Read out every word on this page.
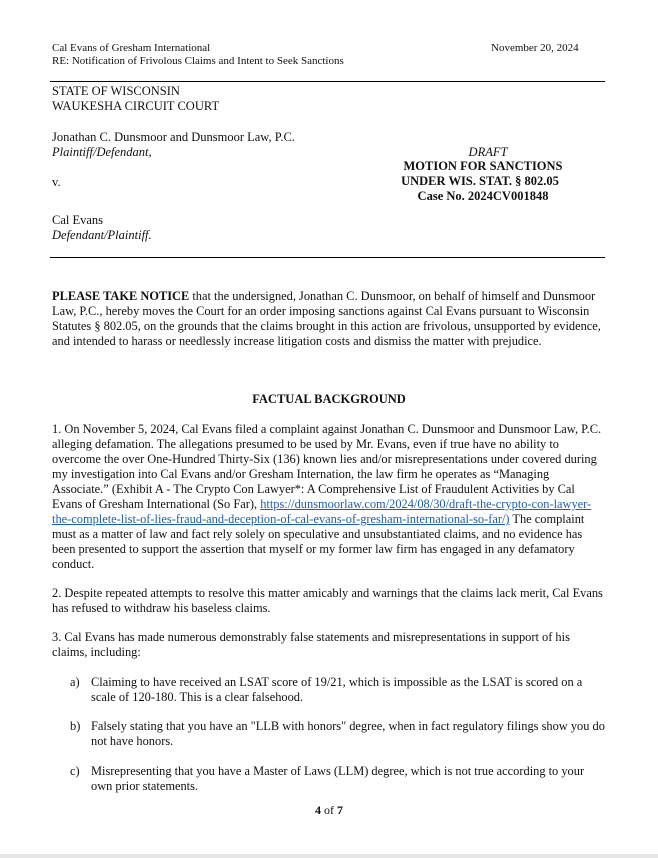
Cal Evans of Gresham International
RE: Notification of Frivolous Claims and Intent to Seek Sanctions
November 20, 2024
STATE OF WISCONSIN
WAUKESHA CIRCUIT COURT
Jonathan C. Dunsmoor and Dunsmoor Law, P.C.
Plaintiff/Defendant,
v.
Cal Evans
Defendant/Plaintiff.
DRAFT
MOTION FOR SANCTIONS
UNDER WIS. STAT. § 802.05
Case No. 2024CV001848
PLEASE TAKE NOTICE that the undersigned, Jonathan C. Dunsmoor, on behalf of himself and Dunsmoor Law, P.C., hereby moves the Court for an order imposing sanctions against Cal Evans pursuant to Wisconsin Statutes § 802.05, on the grounds that the claims brought in this action are frivolous, unsupported by evidence, and intended to harass or needlessly increase litigation costs and dismiss the matter with prejudice.
FACTUAL BACKGROUND
1. On November 5, 2024, Cal Evans filed a complaint against Jonathan C. Dunsmoor and Dunsmoor Law, P.C. alleging defamation. The allegations presumed to be used by Mr. Evans, even if true have no ability to overcome the over One-Hundred Thirty-Six (136) known lies and/or misrepresentations under covered during my investigation into Cal Evans and/or Gresham Internation, the law firm he operates as “Managing Associate.” (Exhibit A - The Crypto Con Lawyer*: A Comprehensive List of Fraudulent Activities by Cal Evans of Gresham International (So Far), https://dunsmoorlaw.com/2024/08/30/draft-the-crypto-con-lawyer-the-complete-list-of-lies-fraud-and-deception-of-cal-evans-of-gresham-international-so-far/) The complaint must as a matter of law and fact rely solely on speculative and unsubstantiated claims, and no evidence has been presented to support the assertion that myself or my former law firm has engaged in any defamatory conduct.
2. Despite repeated attempts to resolve this matter amicably and warnings that the claims lack merit, Cal Evans has refused to withdraw his baseless claims.
3. Cal Evans has made numerous demonstrably false statements and misrepresentations in support of his claims, including:
a) Claiming to have received an LSAT score of 19/21, which is impossible as the LSAT is scored on a scale of 120-180. This is a clear falsehood.
b) Falsely stating that you have an "LLB with honors" degree, when in fact regulatory filings show you do not have honors.
c) Misrepresenting that you have a Master of Laws (LLM) degree, which is not true according to your own prior statements.
4 of 7
